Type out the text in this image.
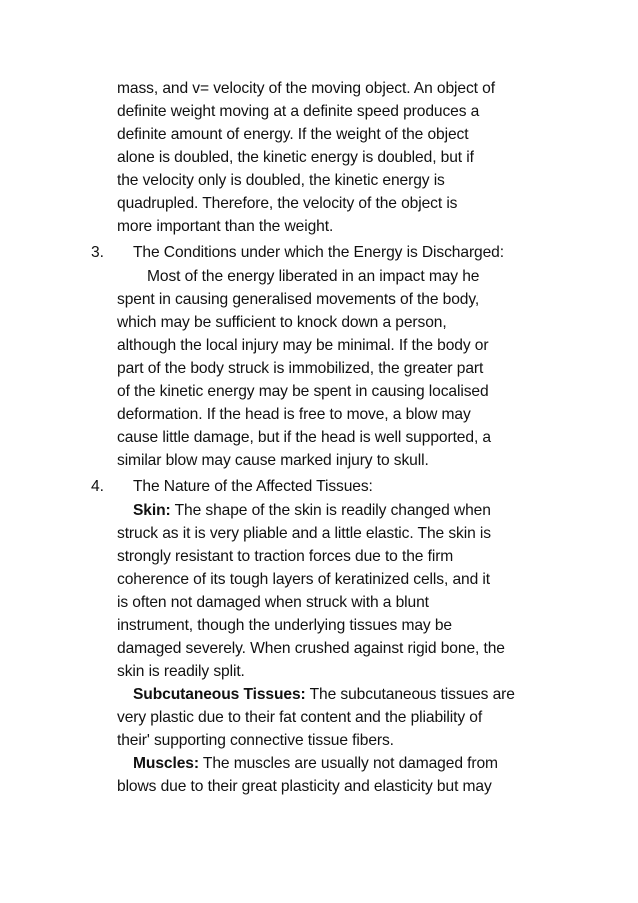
mass, and v= velocity of the moving object. An object of
definite weight moving at a definite speed produces a
definite amount of energy. If the weight of the object
alone is doubled, the kinetic energy is doubled, but if
the velocity only is doubled, the kinetic energy is
quadrupled. Therefore, the velocity of the object is
more important than the weight.
3. The Conditions under which the Energy is Discharged:
Most of the energy liberated in an impact may he
spent in causing generalised movements of the body,
which may be sufficient to knock down a person,
although the local injury may be minimal. If the body or
part of the body struck is immobilized, the greater part
of the kinetic energy may be spent in causing localised
deformation. If the head is free to move, a blow may
cause little damage, but if the head is well supported, a
similar blow may cause marked injury to skull.
4. The Nature of the Affected Tissues:
Skin: The shape of the skin is readily changed when
struck as it is very pliable and a little elastic. The skin is
strongly resistant to traction forces due to the firm
coherence of its tough layers of keratinized cells, and it
is often not damaged when struck with a blunt
instrument, though the underlying tissues may be
damaged severely. When crushed against rigid bone, the
skin is readily split.
Subcutaneous Tissues: The subcutaneous tissues are
very plastic due to their fat content and the pliability of
their' supporting connective tissue fibers.
Muscles: The muscles are usually not damaged from
blows due to their great plasticity and elasticity but may
